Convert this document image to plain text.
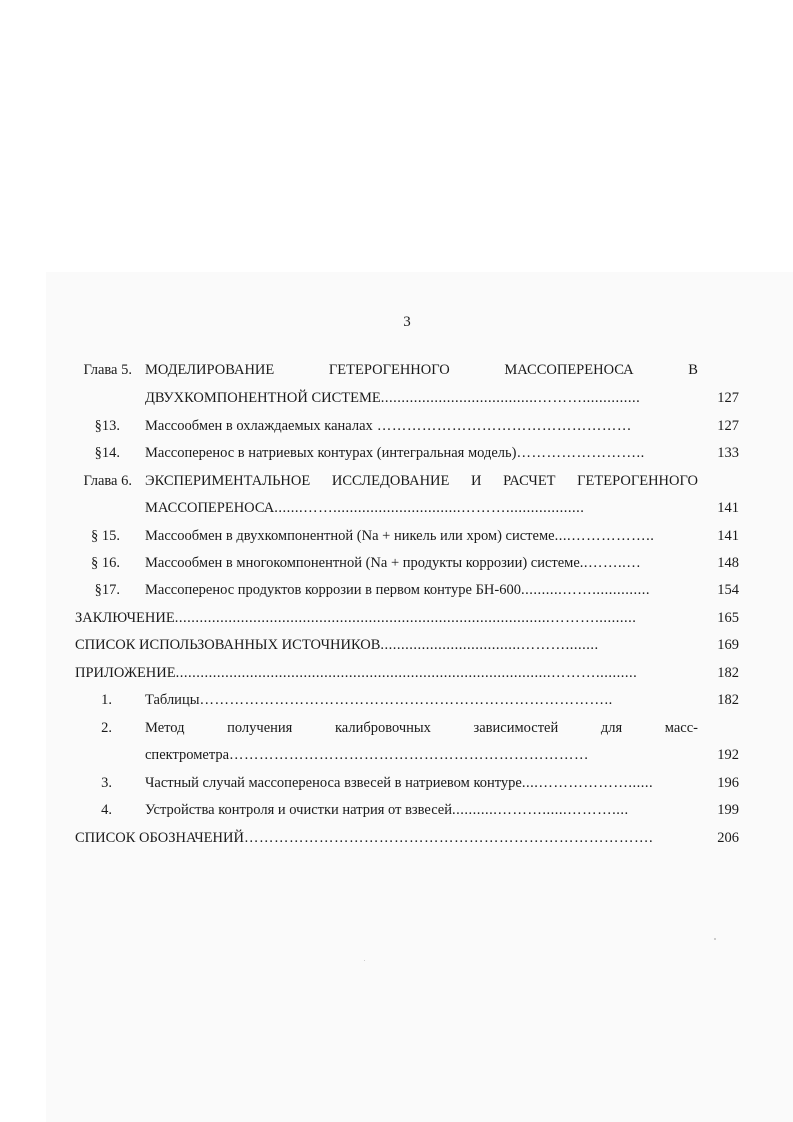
3
Глава 5. МОДЕЛИРОВАНИЕ	ГЕТЕРОГЕННОГО	МАССОПЕРЕНОСА	В
ДВУХКОМПОНЕНТНОЙ СИСТЕМЕ......................................………..............	127
§13. Массообмен в охлаждаемых каналах ……………………………………………	127
§14. Массоперенос в натриевых контурах (интегральная модель)……………………..	133
Глава 6. ЭКСПЕРИМЕНТАЛЬНОЕ ИССЛЕДОВАНИЕ И РАСЧЕТ ГЕТЕРОГЕННОГО
МАССОПЕРЕНОСА.......……...............................………...................	141
§ 15. Массообмен в двухкомпонентной (Na + никель или хром) системе....……………..	141
§ 16. Массообмен в многокомпонентной (Na + продукты коррозии) системе..……..…	148
§17. Массоперенос продуктов коррозии в первом контуре БН-600..........……..............	154
ЗАКЛЮЧЕНИЕ...........................................................................................………..........	165
СПИСОК ИСПОЛЬЗОВАННЫХ ИСТОЧНИКОВ..................................………........	169
ПРИЛОЖЕНИЕ...........................................................................................………..........	182
1. Таблицы………………………………………………………………………..	182
2. Метод	получения	калибровочных	зависимостей	для	масс-
спектрометра………………………………………………………………	192
3. Частный случай массопереноса взвесей в натриевом контуре....………………......	196
4. Устройства контроля и очистки натрия от взвесей...........………......………....	199
СПИСОК ОБОЗНАЧЕНИЙ……………………………………………………………………….	206
